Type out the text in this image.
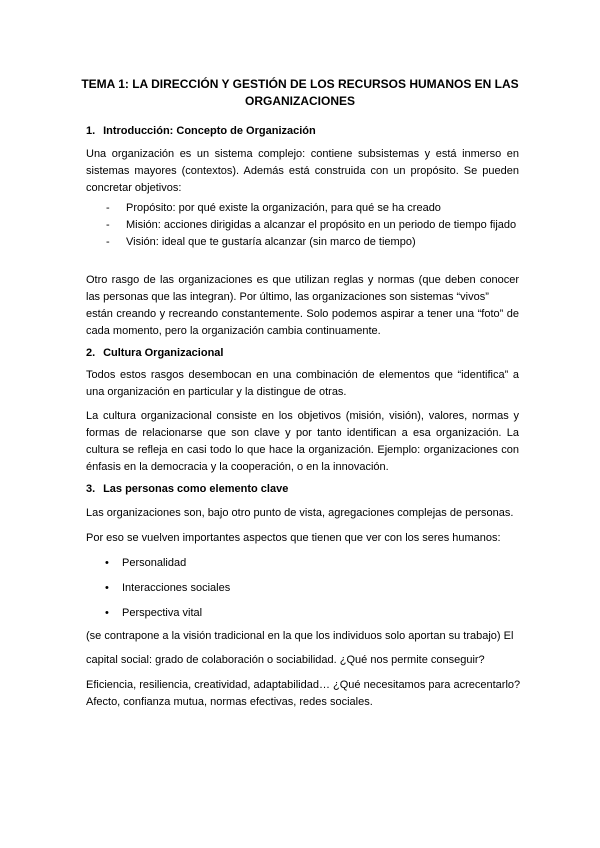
TEMA 1: LA DIRECCIÓN Y GESTIÓN DE LOS RECURSOS HUMANOS EN LAS
ORGANIZACIONES
1. Introducción: Concepto de Organización

Una organización es un sistema complejo: contiene subsistemas y está inmerso en sistemas mayores (contextos). Además está construida con un propósito. Se pueden concretar objetivos:

- Propósito: por qué existe la organización, para qué se ha creado
- Misión: acciones dirigidas a alcanzar el propósito en un periodo de tiempo fijado
- Visión: ideal que te gustaría alcanzar (sin marco de tiempo)

Otro rasgo de las organizaciones es que utilizan reglas y normas (que deben conocer las personas que las integran). Por último, las organizaciones son sistemas “vivos”

están creando y recreando constantemente. Solo podemos aspirar a tener una “foto” de cada momento, pero la organización cambia continuamente.

2. Cultura Organizacional

Todos estos rasgos desembocan en una combinación de elementos que “identifica” a una organización en particular y la distingue de otras.

La cultura organizacional consiste en los objetivos (misión, visión), valores, normas y formas de relacionarse que son clave y por tanto identifican a esa organización. La cultura se refleja en casi todo lo que hace la organización. Ejemplo: organizaciones con énfasis en la democracia y la cooperación, o en la innovación.

3. Las personas como elemento clave

Las organizaciones son, bajo otro punto de vista, agregaciones complejas de personas.

Por eso se vuelven importantes aspectos que tienen que ver con los seres humanos:

• Personalidad
• Interacciones sociales
• Perspectiva vital

(se contrapone a la visión tradicional en la que los individuos solo aportan su trabajo) El

capital social: grado de colaboración o sociabilidad. ¿Qué nos permite conseguir?

Eficiencia, resiliencia, creatividad, adaptabilidad… ¿Qué necesitamos para acrecentarlo?

Afecto, confianza mutua, normas efectivas, redes sociales.
